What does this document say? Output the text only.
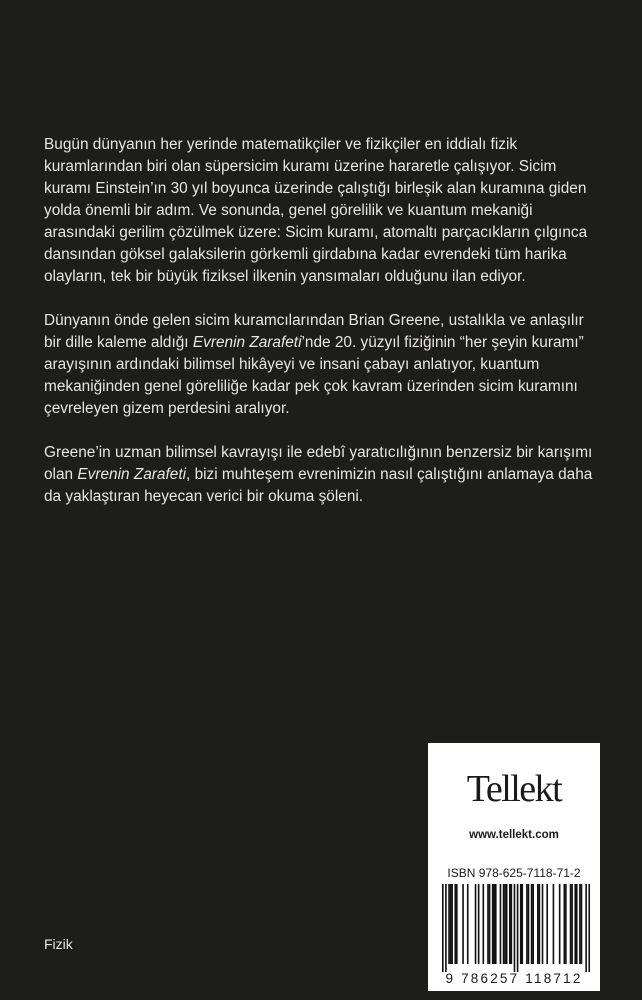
Bugün dünyanın her yerinde matematikçiler ve fizikçiler en iddialı fizik kuramlarından biri olan süpersicim kuramı üzerine hararetle çalışıyor. Sicim kuramı Einstein’ın 30 yıl boyunca üzerinde çalıştığı birleşik alan kuramına giden yolda önemli bir adım. Ve sonunda, genel görelilik ve kuantum mekaniği arasındaki gerilim çözülmek üzere: Sicim kuramı, atomaltı parçacıkların çılgınca dansından göksel galaksilerin görkemli girdabına kadar evrendeki tüm harika olayların, tek bir büyük fiziksel ilkenin yansımaları olduğunu ilan ediyor.

Dünyanın önde gelen sicim kuramcılarından Brian Greene, ustalıkla ve anlaşılır bir dille kaleme aldığı Evrenin Zarafeti’nde 20. yüzyıl fiziğinin “her şeyin kuramı” arayışının ardındaki bilimsel hikâyeyi ve insani çabayı anlatıyor, kuantum mekaniğinden genel göreliliğe kadar pek çok kavram üzerinden sicim kuramını çevreleyen gizem perdesini aralıyor.

Greene’in uzman bilimsel kavrayışı ile edebî yaratıcılığının benzersiz bir karışımı olan Evrenin Zarafeti, bizi muhteşem evrenimizin nasıl çalıştığını anlamaya daha da yaklaştıran heyecan verici bir okuma şöleni.

Fizik
Tellekt
www.tellekt.com
ISBN 978-625-7118-71-2
9 786257 118712
